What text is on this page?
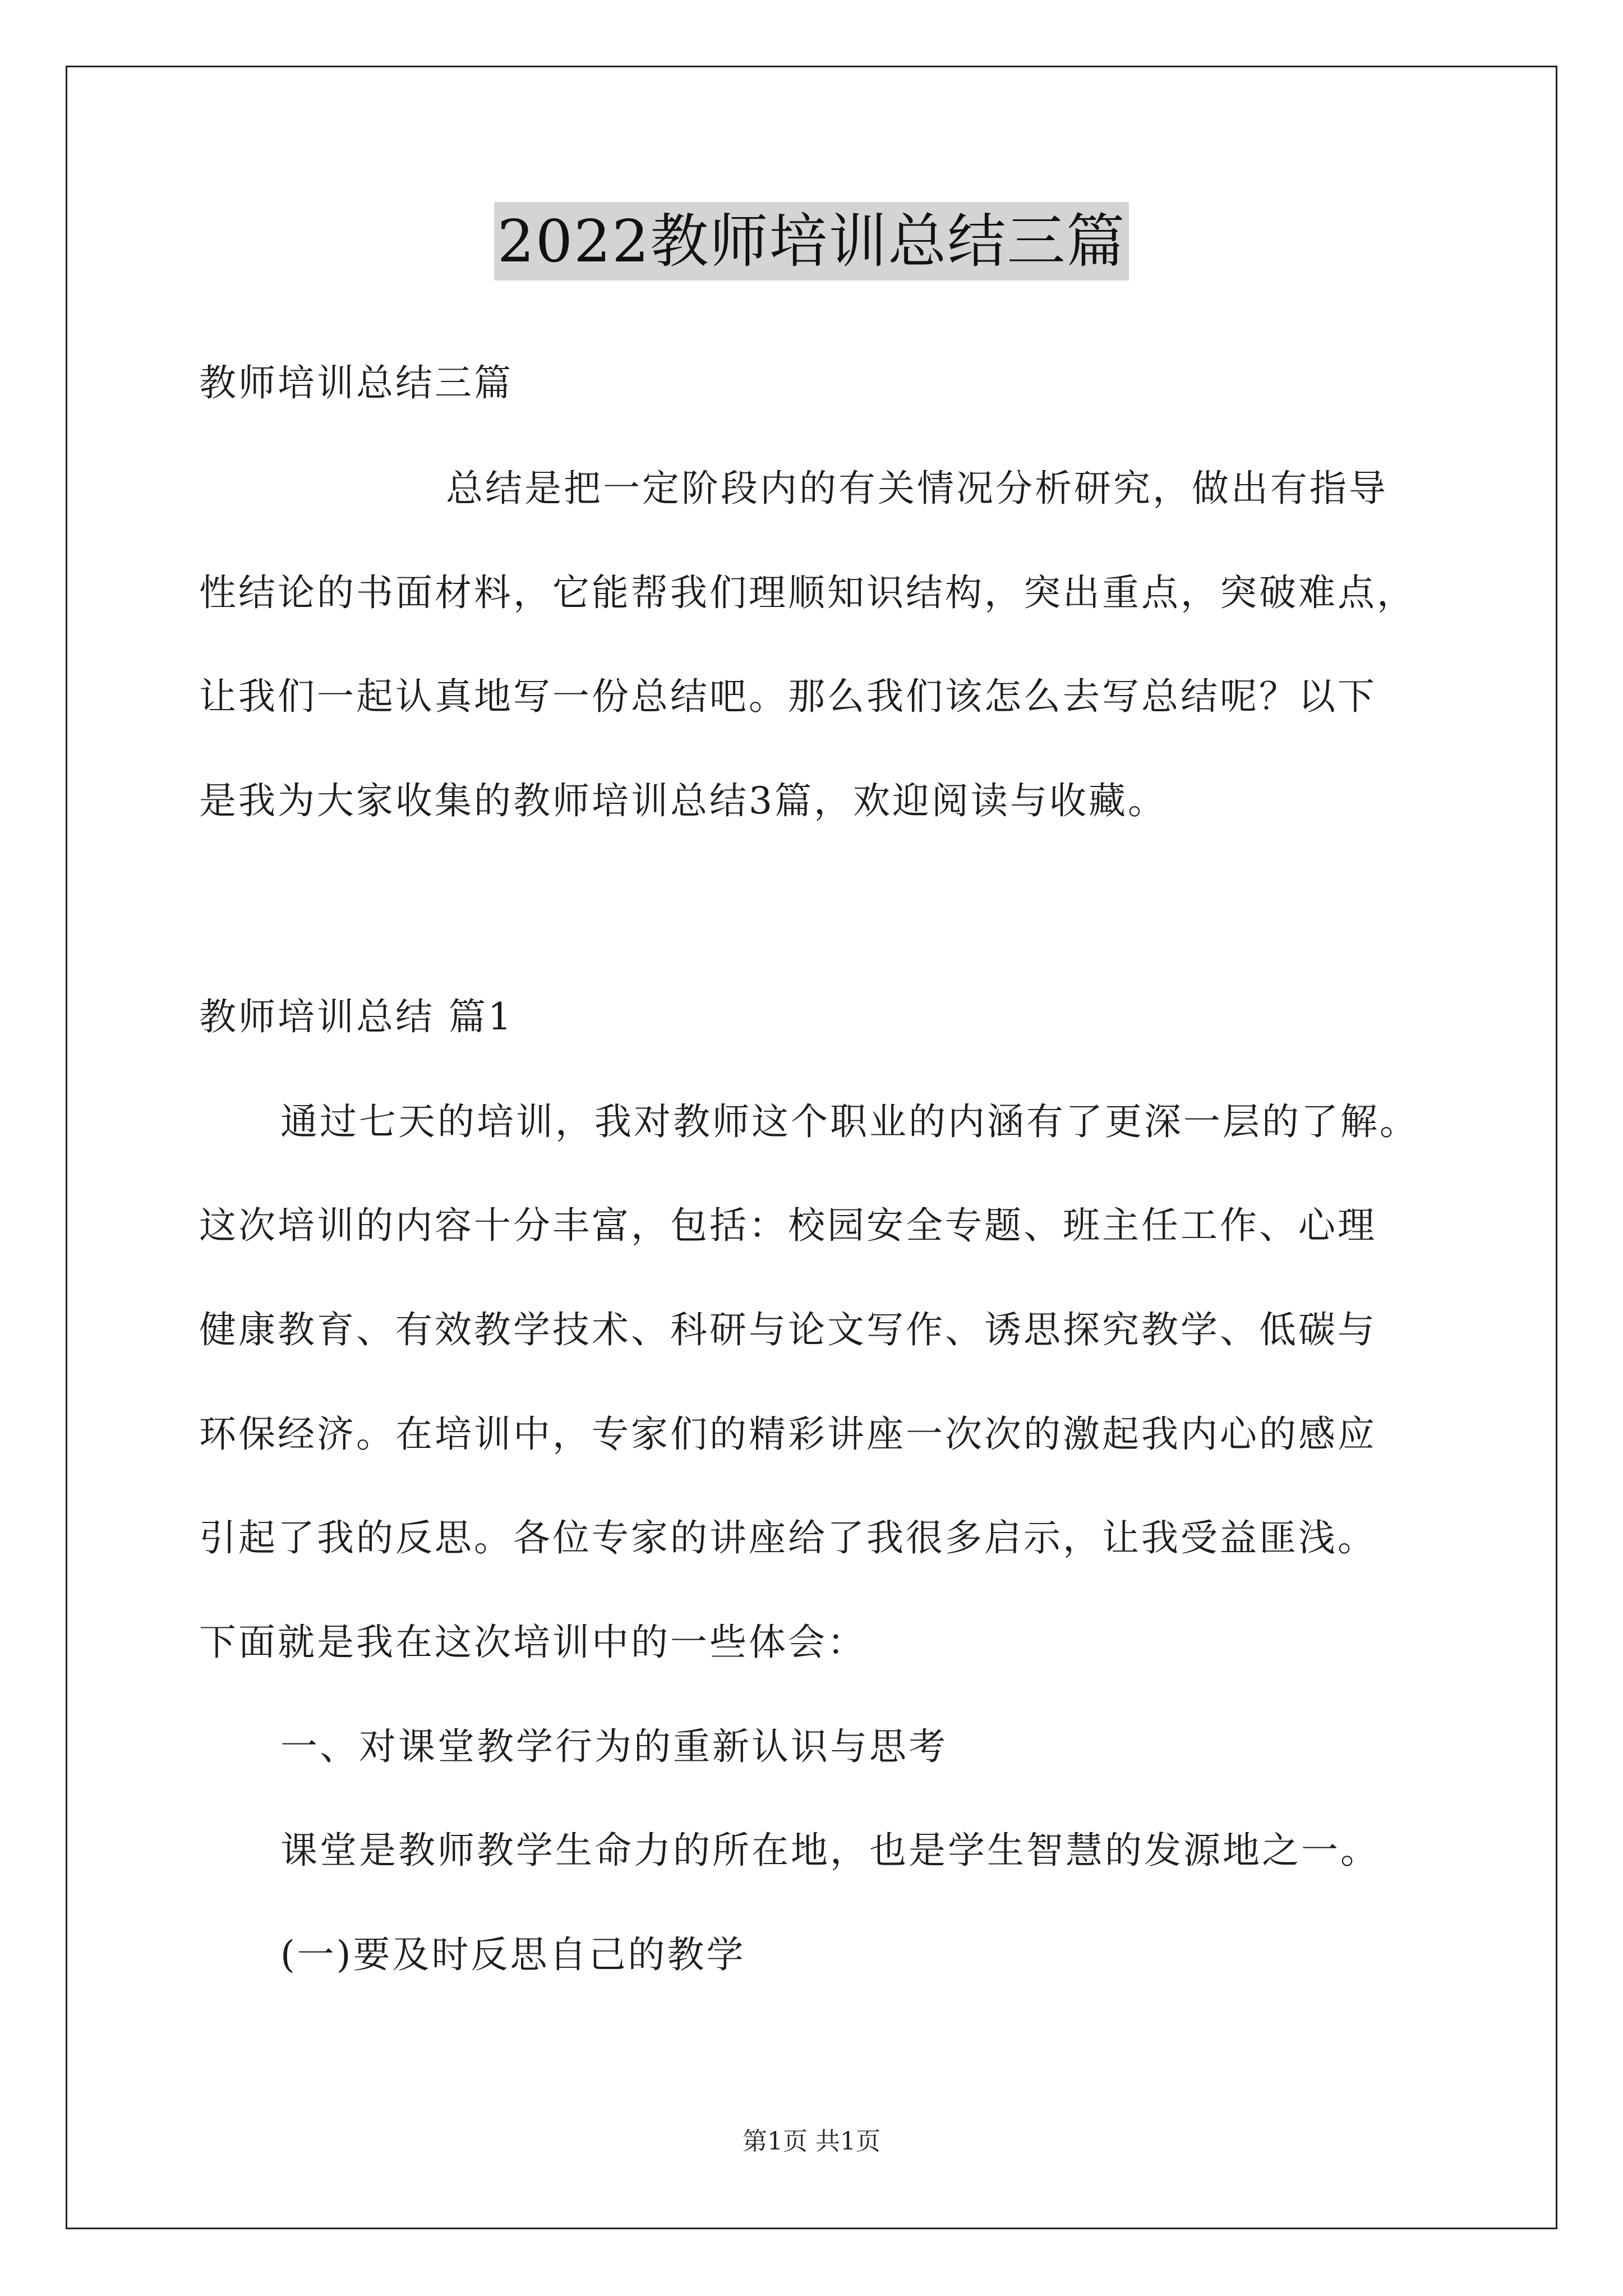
2022教师培训总结三篇
教师培训总结三篇
总结是把一定阶段内的有关情况分析研究，做出有指导
性结论的书面材料，它能帮我们理顺知识结构，突出重点，突破难点，
让我们一起认真地写一份总结吧。那么我们该怎么去写总结呢？以下
是我为大家收集的教师培训总结3篇，欢迎阅读与收藏。
教师培训总结 篇1
通过七天的培训，我对教师这个职业的内涵有了更深一层的了解。
这次培训的内容十分丰富，包括：校园安全专题、班主任工作、心理
健康教育、有效教学技术、科研与论文写作、诱思探究教学、低碳与
环保经济。在培训中，专家们的精彩讲座一次次的激起我内心的感应
引起了我的反思。各位专家的讲座给了我很多启示，让我受益匪浅。
下面就是我在这次培训中的一些体会：
一、对课堂教学行为的重新认识与思考
课堂是教师教学生命力的所在地，也是学生智慧的发源地之一。
(一)要及时反思自己的教学
第1页 共1页
